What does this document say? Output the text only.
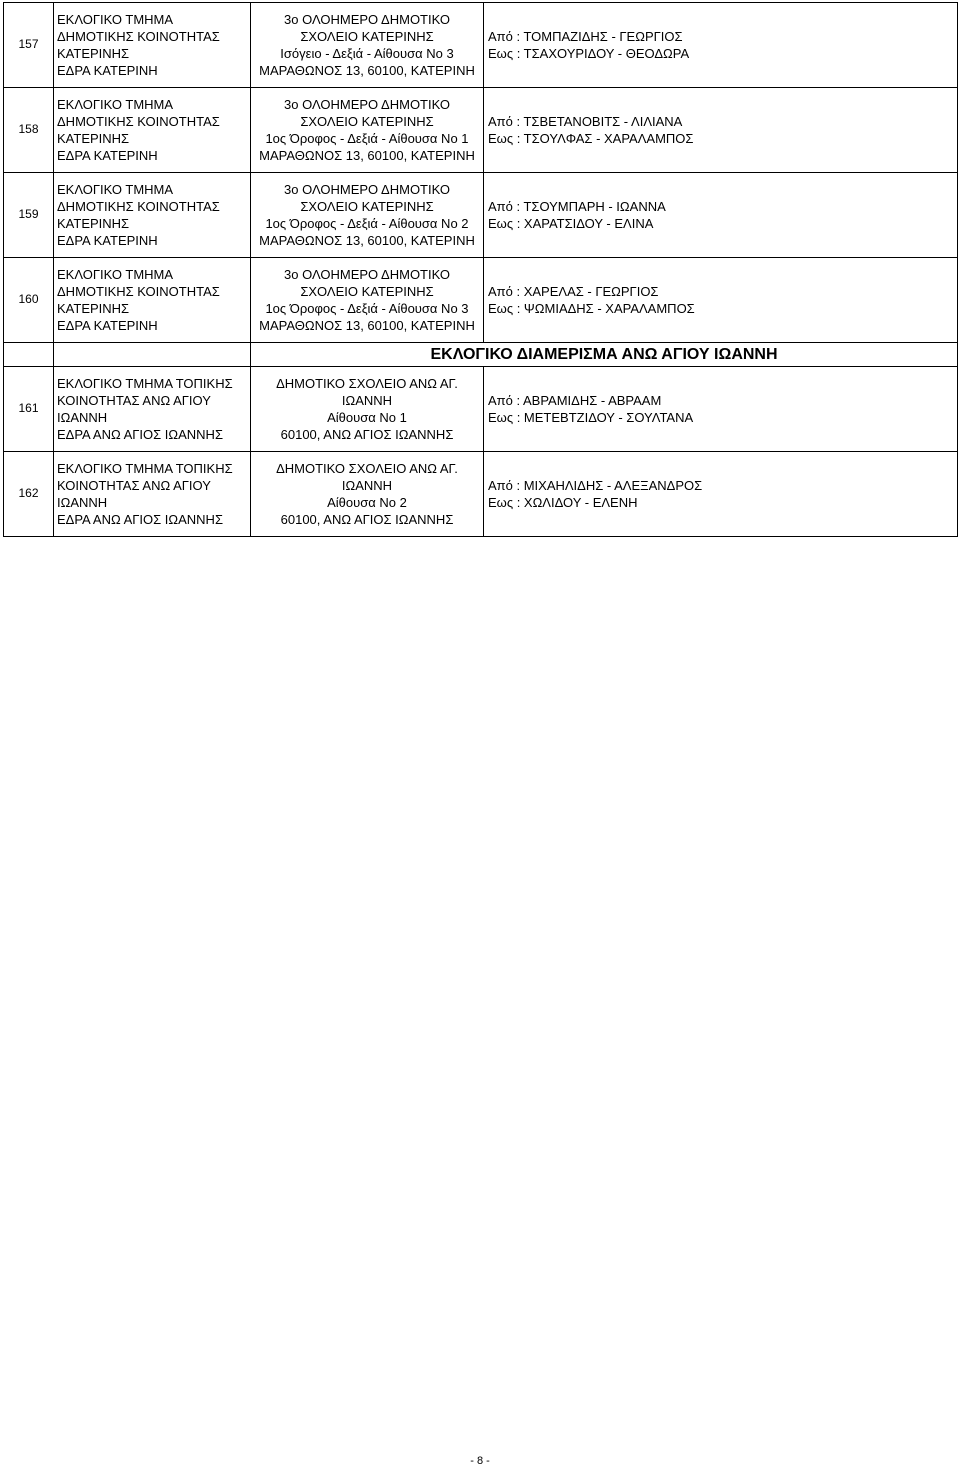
157	ΕΚΛΟΓΙΚΟ ΤΜΗΜΑ
ΔΗΜΟΤΙΚΗΣ ΚΟΙΝΟΤΗΤΑΣ
ΚΑΤΕΡΙΝΗΣ
ΕΔΡΑ ΚΑΤΕΡΙΝΗ	3ο ΟΛΟΗΜΕΡΟ ΔΗΜΟΤΙΚΟ
ΣΧΟΛΕΙΟ ΚΑΤΕΡΙΝΗΣ
Ισόγειο - Δεξιά - Αίθουσα Νο 3
ΜΑΡΑΘΩΝΟΣ 13, 60100, ΚΑΤΕΡΙΝΗ	Από : ΤΟΜΠΑΖΙΔΗΣ - ΓΕΩΡΓΙΟΣ
Εως : ΤΣΑΧΟΥΡΙΔΟΥ - ΘΕΟΔΩΡΑ

158	ΕΚΛΟΓΙΚΟ ΤΜΗΜΑ
ΔΗΜΟΤΙΚΗΣ ΚΟΙΝΟΤΗΤΑΣ
ΚΑΤΕΡΙΝΗΣ
ΕΔΡΑ ΚΑΤΕΡΙΝΗ	3ο ΟΛΟΗΜΕΡΟ ΔΗΜΟΤΙΚΟ
ΣΧΟΛΕΙΟ ΚΑΤΕΡΙΝΗΣ
1ος Όροφος - Δεξιά - Αίθουσα Νο 1
ΜΑΡΑΘΩΝΟΣ 13, 60100, ΚΑΤΕΡΙΝΗ	Από : ΤΣΒΕΤΑΝΟΒΙΤΣ - ΛΙΛΙΑΝΑ
Εως : ΤΣΟΥΛΦΑΣ - ΧΑΡΑΛΑΜΠΟΣ

159	ΕΚΛΟΓΙΚΟ ΤΜΗΜΑ
ΔΗΜΟΤΙΚΗΣ ΚΟΙΝΟΤΗΤΑΣ
ΚΑΤΕΡΙΝΗΣ
ΕΔΡΑ ΚΑΤΕΡΙΝΗ	3ο ΟΛΟΗΜΕΡΟ ΔΗΜΟΤΙΚΟ
ΣΧΟΛΕΙΟ ΚΑΤΕΡΙΝΗΣ
1ος Όροφος - Δεξιά - Αίθουσα Νο 2
ΜΑΡΑΘΩΝΟΣ 13, 60100, ΚΑΤΕΡΙΝΗ	Από : ΤΣΟΥΜΠΑΡΗ - ΙΩΑΝΝΑ
Εως : ΧΑΡΑΤΣΙΔΟΥ - ΕΛΙΝΑ

160	ΕΚΛΟΓΙΚΟ ΤΜΗΜΑ
ΔΗΜΟΤΙΚΗΣ ΚΟΙΝΟΤΗΤΑΣ
ΚΑΤΕΡΙΝΗΣ
ΕΔΡΑ ΚΑΤΕΡΙΝΗ	3ο ΟΛΟΗΜΕΡΟ ΔΗΜΟΤΙΚΟ
ΣΧΟΛΕΙΟ ΚΑΤΕΡΙΝΗΣ
1ος Όροφος - Δεξιά - Αίθουσα Νο 3
ΜΑΡΑΘΩΝΟΣ 13, 60100, ΚΑΤΕΡΙΝΗ	Από : ΧΑΡΕΛΑΣ - ΓΕΩΡΓΙΟΣ
Εως : ΨΩΜΙΑΔΗΣ - ΧΑΡΑΛΑΜΠΟΣ

		ΕΚΛΟΓΙΚΟ ΔΙΑΜΕΡΙΣΜΑ ΑΝΩ ΑΓΙΟΥ ΙΩΑΝΝΗ	
161	ΕΚΛΟΓΙΚΟ ΤΜΗΜΑ ΤΟΠΙΚΗΣ
ΚΟΙΝΟΤΗΤΑΣ ΑΝΩ ΑΓΙΟΥ
ΙΩΑΝΝΗ
ΕΔΡΑ ΑΝΩ ΑΓΙΟΣ ΙΩΑΝΝΗΣ	ΔΗΜΟΤΙΚΟ ΣΧΟΛΕΙΟ ΑΝΩ ΑΓ.
ΙΩΑΝΝΗ
Αίθουσα Νο 1
60100, ΑΝΩ ΑΓΙΟΣ ΙΩΑΝΝΗΣ	Από : ΑΒΡΑΜΙΔΗΣ - ΑΒΡΑΑΜ
Εως : ΜΕΤΕΒΤΖΙΔΟΥ - ΣΟΥΛΤΑΝΑ

162	ΕΚΛΟΓΙΚΟ ΤΜΗΜΑ ΤΟΠΙΚΗΣ
ΚΟΙΝΟΤΗΤΑΣ ΑΝΩ ΑΓΙΟΥ
ΙΩΑΝΝΗ
ΕΔΡΑ ΑΝΩ ΑΓΙΟΣ ΙΩΑΝΝΗΣ	ΔΗΜΟΤΙΚΟ ΣΧΟΛΕΙΟ ΑΝΩ ΑΓ.
ΙΩΑΝΝΗ
Αίθουσα Νο 2
60100, ΑΝΩ ΑΓΙΟΣ ΙΩΑΝΝΗΣ	Από : ΜΙΧΑΗΛΙΔΗΣ - ΑΛΕΞΑΝΔΡΟΣ
Εως : ΧΩΛΙΔΟΥ - ΕΛΕΝΗ
- 8 -
